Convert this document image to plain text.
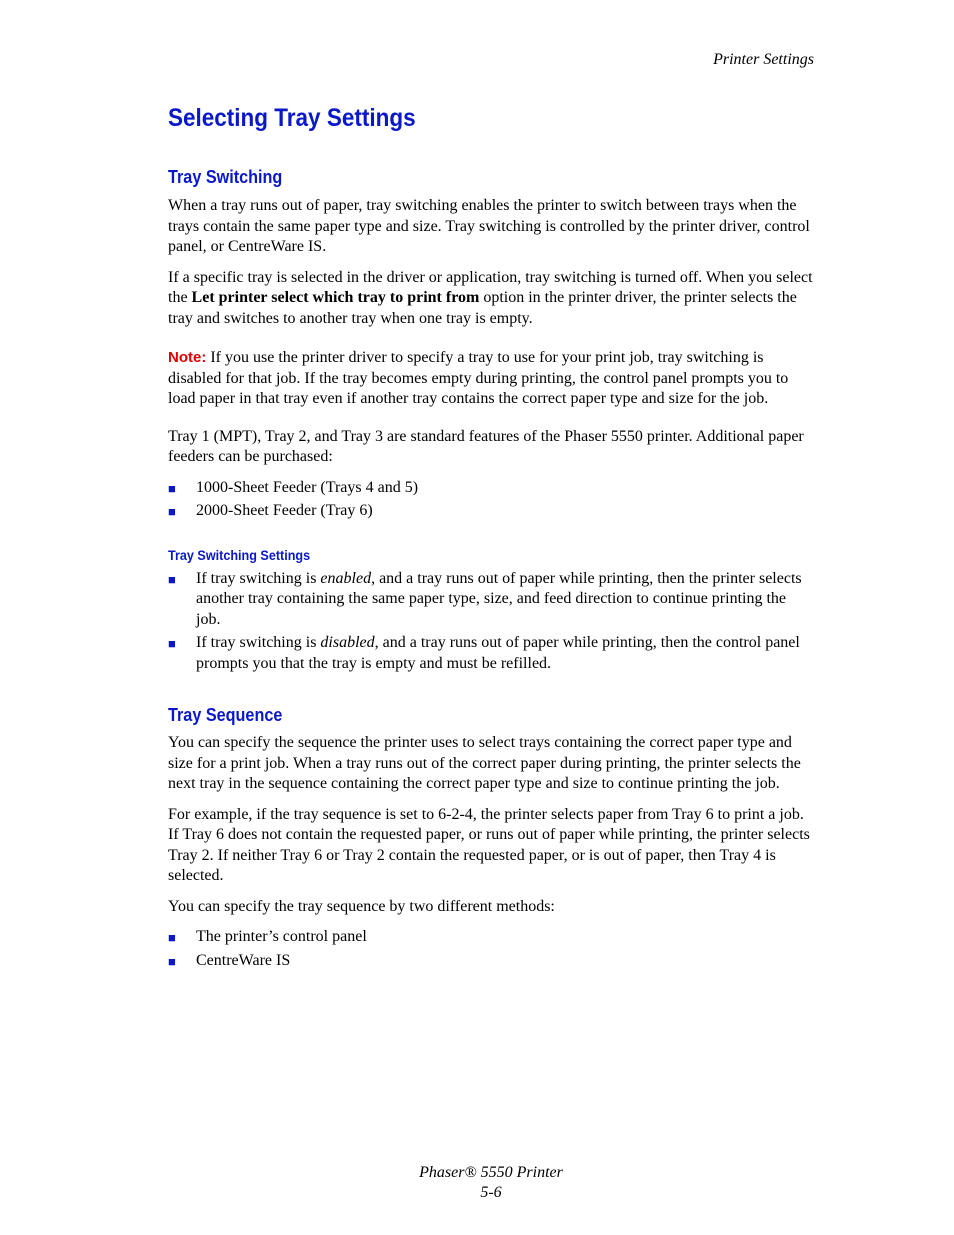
Printer Settings
Selecting Tray Settings
Tray Switching

When a tray runs out of paper, tray switching enables the printer to switch between trays when the trays contain the same paper type and size. Tray switching is controlled by the printer driver, control panel, or CentreWare IS.

If a specific tray is selected in the driver or application, tray switching is turned off. When you select the Let printer select which tray to print from option in the printer driver, the printer selects the tray and switches to another tray when one tray is empty.

Note: If you use the printer driver to specify a tray to use for your print job, tray switching is disabled for that job. If the tray becomes empty during printing, the control panel prompts you to load paper in that tray even if another tray contains the correct paper type and size for the job.

Tray 1 (MPT), Tray 2, and Tray 3 are standard features of the Phaser 5550 printer. Additional paper feeders can be purchased:

■ 1000-Sheet Feeder (Trays 4 and 5)
■ 2000-Sheet Feeder (Tray 6)
Tray Switching Settings
■ If tray switching is enabled, and a tray runs out of paper while printing, then the printer selects another tray containing the same paper type, size, and feed direction to continue printing the job.
■ If tray switching is disabled, and a tray runs out of paper while printing, then the control panel prompts you that the tray is empty and must be refilled.
Tray Sequence

You can specify the sequence the printer uses to select trays containing the correct paper type and size for a print job. When a tray runs out of the correct paper during printing, the printer selects the next tray in the sequence containing the correct paper type and size to continue printing the job.

For example, if the tray sequence is set to 6-2-4, the printer selects paper from Tray 6 to print a job. If Tray 6 does not contain the requested paper, or runs out of paper while printing, the printer selects Tray 2. If neither Tray 6 or Tray 2 contain the requested paper, or is out of paper, then Tray 4 is selected.

You can specify the tray sequence by two different methods:

■ The printer’s control panel
■ CentreWare IS
Phaser® 5550 Printer
5-6
